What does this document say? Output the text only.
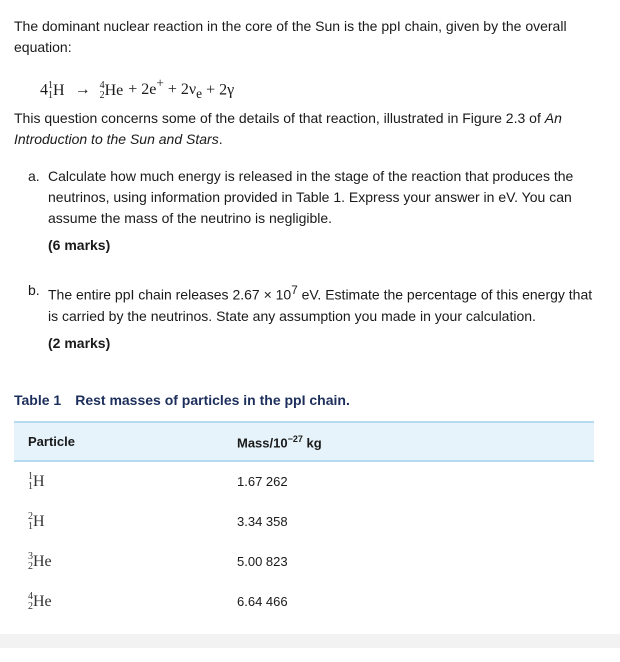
The dominant nuclear reaction in the core of the Sun is the ppI chain, given by the overall equation:

4 1
1 H → 4
2 $He + 2e^+ + 2\nu_e + 2\gamma$

This question concerns some of the details of that reaction, illustrated in Figure 2.3 of An Introduction to the Sun and Stars.

a. Calculate how much energy is released in the stage of the reaction that produces the neutrinos, using information provided in Table 1. Express your answer in eV. You can assume the mass of the neutrino is negligible.

(6 marks)

b. The entire ppI chain releases $2.67 \times 10^7$ eV. Estimate the percentage of this energy that is carried by the neutrinos. State any assumption you made in your calculation.

(2 marks)

Table 1 Rest masses of particles in the ppI chain.

Particle	Mass/$10^{-27}$ kg
1
1 H	1.67 262
2
1 H	3.34 358
3
2 He	5.00 823
4
2 He	6.64 466
